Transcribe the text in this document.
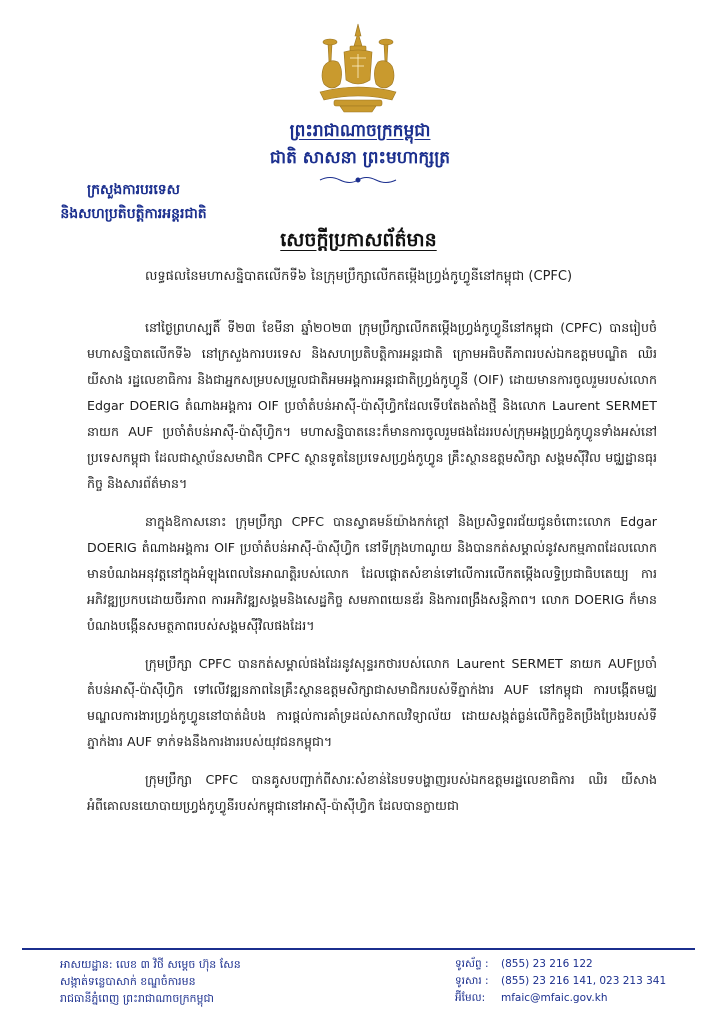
ព្រះរាជាណាចក្រកម្ពុជា
ជាតិ សាសនា ព្រះមហាក្សត្រ
ក្រសួងការបរទេស
និងសហប្រតិបត្តិការអន្តរជាតិ
សេចក្តីប្រកាសព័ត៌មាន
លទ្ធផលនៃមហាសន្និបាតលើកទី៦ នៃក្រុមប្រឹក្សាលើកតម្កើងហ្វ្រង់កូហ្វូនីនៅកម្ពុជា (CPFC)

នៅថ្ងៃព្រហស្បតិ៍ ទី២៣ ខែមីនា ឆ្នាំ២០២៣ ក្រុមប្រឹក្សាលើកតម្កើងហ្វ្រង់កូហ្វូនីនៅកម្ពុជា (CPFC) បានរៀបចំមហាសន្និបាតលើកទី៦ នៅក្រសួងការបរទេស និងសហប្រតិបត្តិការអន្តរជាតិ ក្រោមអធិបតីភាពរបស់ឯកឧត្តមបណ្ឌិត ឈិរ យីសាង រដ្ឋលេខាធិការ និងជាអ្នកសម្របសម្រួលជាតិអមអង្គការអន្តរជាតិហ្វ្រង់កូហ្វូនី (OIF) ដោយមានការចូលរួមរបស់លោក Edgar DOERIG តំណាងអង្គការ OIF ប្រចាំតំបន់អាស៊ី-ប៉ាស៊ីហ្វិកដែលទើបតែងតាំងថ្មី និងលោក Laurent SERMET នាយក AUF ប្រចាំតំបន់អាស៊ី-ប៉ាស៊ីហ្វិក។ មហាសន្និបាតនេះក៏មានការចូលរួមផងដែររបស់ក្រុមអង្គហ្វ្រង់កូហ្វូនទាំងអស់នៅប្រទេសកម្ពុជា ដែលជាស្ថាប័នសមាជិក CPFC ស្ថានទូតនៃប្រទេសហ្វ្រង់កូហ្វូន គ្រឹះស្ថានឧត្តមសិក្សា សង្គមស៊ីវិល មជ្ឈដ្ឋានធុរកិច្ច និងសារព័ត៌មាន។

នាក្នុងឱកាសនោះ ក្រុមប្រឹក្សា CPFC បានស្វាគមន៍យ៉ាងកក់ក្ដៅ និងប្រសិទ្ធពរជ័យជូនចំពោះលោក Edgar DOERIG តំណាងអង្គការ OIF ប្រចាំតំបន់អាស៊ី-ប៉ាស៊ីហ្វិក នៅទីក្រុងហាណូយ និងបានកត់សម្គាល់នូវសកម្មភាពដែលលោកមានបំណងអនុវត្តនៅក្នុងអំឡុងពេលនៃអាណត្តិរបស់លោក ដែលផ្ដោតសំខាន់ទៅលើការលើកតម្កើងលទ្ធិប្រជាធិបតេយ្យ ការអភិវឌ្ឍប្រកបដោយចីរភាព ការអភិវឌ្ឍសង្គមនិងសេដ្ឋកិច្ច សមភាពយេនឌ័រ និងការពង្រឹងសន្តិភាព។ លោក DOERIG ក៏មានបំណងបង្កើនសមត្ថភាពរបស់សង្គមស៊ីវិលផងដែរ។

ក្រុមប្រឹក្សា CPFC បានកត់សម្គាល់ផងដែរនូវសុន្ទរកថារបស់លោក Laurent SERMET នាយក AUFប្រចាំតំបន់អាស៊ី-ប៉ាស៊ីហ្វិក ទៅលើវឌ្ឍនភាពនៃគ្រឹះស្ថានឧត្តមសិក្សាជាសមាជិករបស់ទីភ្នាក់ងារ AUF នៅកម្ពុជា ការបង្កើតមជ្ឈមណ្ឌលការងារហ្វ្រង់កូហ្វូននៅបាត់ដំបង ការផ្ដល់ការគាំទ្រដល់សាកលវិទ្យាល័យ ដោយសង្កត់ធ្ងន់លើកិច្ចខិតប្រឹងប្រែងរបស់ទីភ្នាក់ងារ AUF ទាក់ទងនឹងការងាររបស់យុវជនកម្ពុជា។

ក្រុមប្រឹក្សា CPFC បានគូសបញ្ជាក់ពីសារៈសំខាន់នៃបទបង្ហាញរបស់ឯកឧត្តមរដ្ឋលេខាធិការ ឈិរ យីសាង អំពីគោលនយោបាយហ្វ្រង់កូហ្វូនីរបស់កម្ពុជានៅអាស៊ី-ប៉ាស៊ីហ្វិក ដែលបានក្លាយជា

អាសយដ្ឋាន: លេខ ៣ វិថី សម្ដេច ហ៊ុន សែន
សង្កាត់ទន្លេបាសាក់ ខណ្ឌចំការមន
រាជធានីភ្នំពេញ ព្រះរាជាណាចក្រកម្ពុជា
ទូរស័ព្ទ :	(855) 23 216 122
ទូរសារ :	(855) 23 216 141, 023 213 341
អ៊ីមែល:	mfaic@mfaic.gov.kh
